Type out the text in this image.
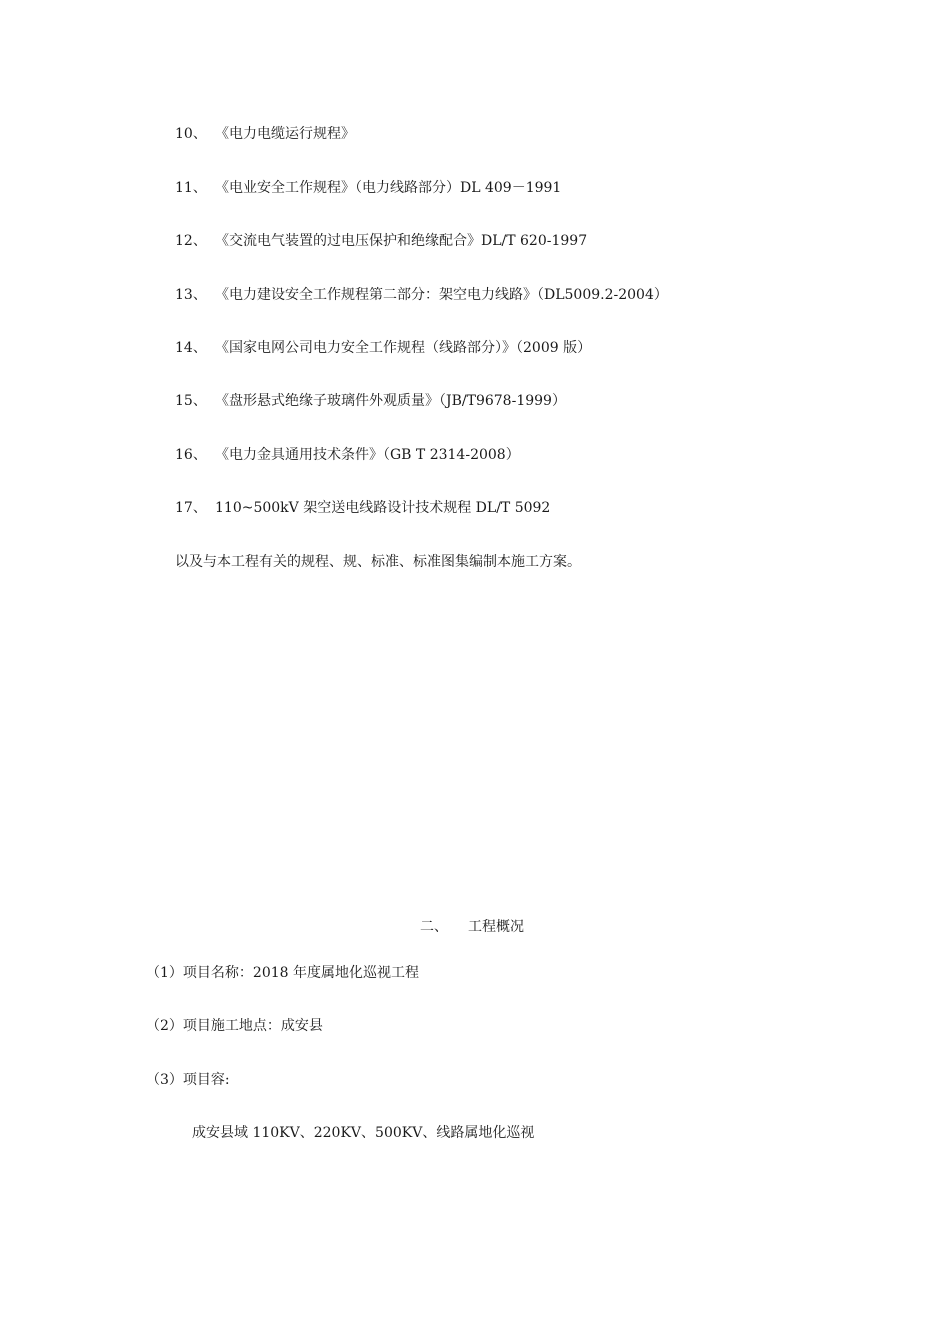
10、 《电力电缆运行规程》
11、 《电业安全工作规程》（电力线路部分）DL 409－1991
12、 《交流电气装置的过电压保护和绝缘配合》DL/T 620-1997
13、 《电力建设安全工作规程第二部分：架空电力线路》（DL5009.2-2004）
14、 《国家电网公司电力安全工作规程（线路部分）》（2009 版）
15、 《盘形悬式绝缘子玻璃件外观质量》（JB/T9678-1999）
16、 《电力金具通用技术条件》（GB T 2314-2008）
17、 110~500kV 架空送电线路设计技术规程 DL/T 5092
以及与本工程有关的规程、规、标准、标准图集编制本施工方案。
二、 工程概况
（1）项目名称：2018 年度属地化巡视工程
（2）项目施工地点：成安县
（3）项目容:
成安县域 110KV、220KV、500KV、线路属地化巡视
